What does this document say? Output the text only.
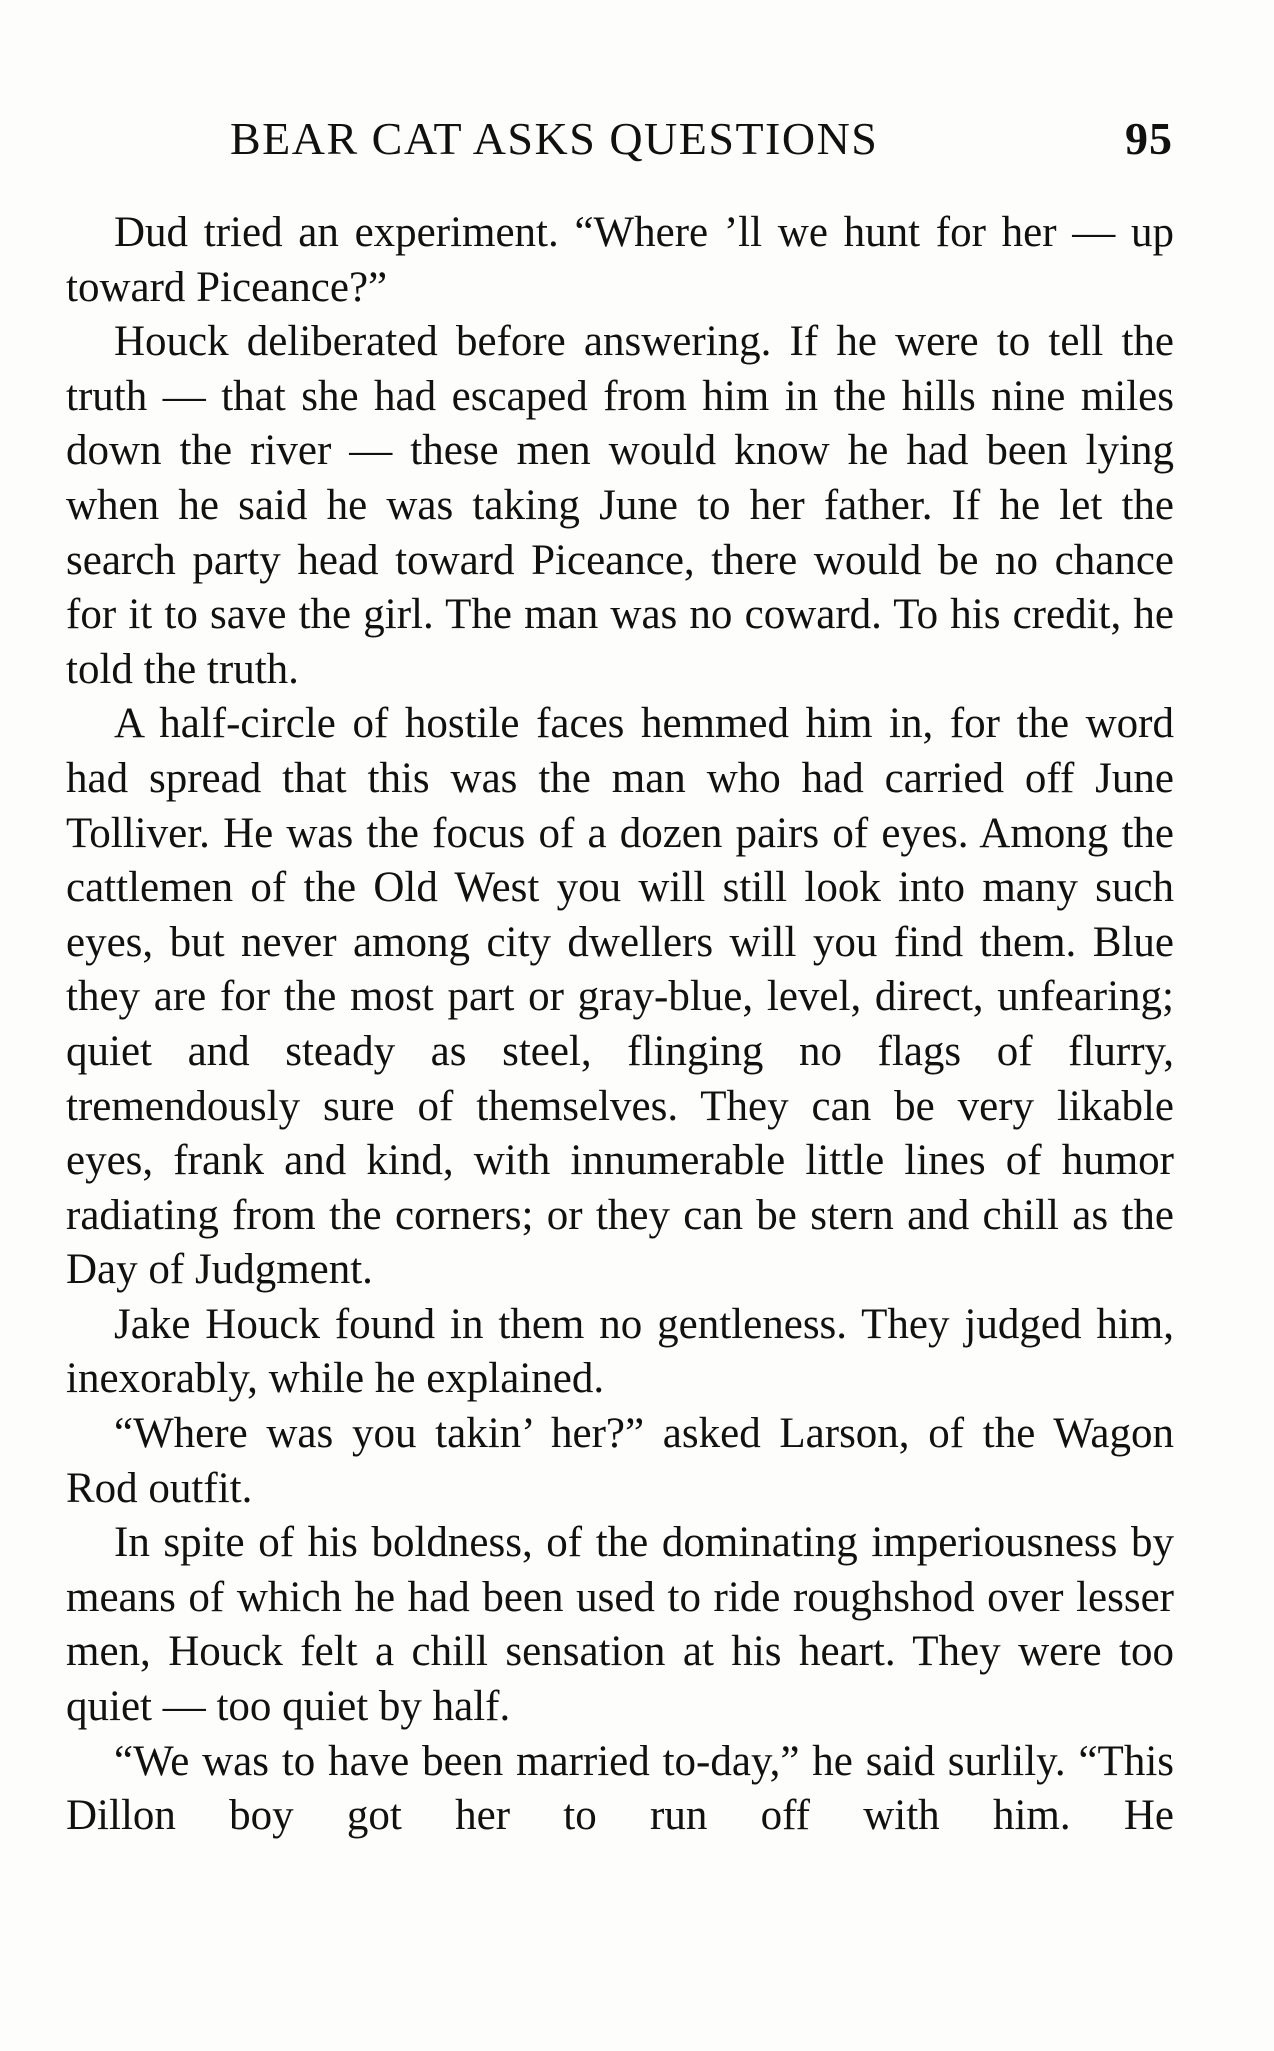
BEAR CAT ASKS QUESTIONS	95

Dud tried an experiment. “Where ’ll we hunt for her — up toward Piceance?”

Houck deliberated before answering. If he were to tell the truth — that she had escaped from him in the hills nine miles down the river — these men would know he had been lying when he said he was taking June to her father. If he let the search party head toward Piceance, there would be no chance for it to save the girl. The man was no coward. To his credit, he told the truth.

A half-circle of hostile faces hemmed him in, for the word had spread that this was the man who had carried off June Tolliver. He was the focus of a dozen pairs of eyes. Among the cattlemen of the Old West you will still look into many such eyes, but never among city dwellers will you find them. Blue they are for the most part or gray-blue, level, direct, unfearing; quiet and steady as steel, flinging no flags of flurry, tremendously sure of themselves. They can be very likable eyes, frank and kind, with innumerable little lines of humor radiating from the corners; or they can be stern and chill as the Day of Judgment.

Jake Houck found in them no gentleness. They judged him, inexorably, while he explained.

“Where was you takin’ her?” asked Larson, of the Wagon Rod outfit.

In spite of his boldness, of the dominating imperiousness by means of which he had been used to ride roughshod over lesser men, Houck felt a chill sensation at his heart. They were too quiet — too quiet by half.

“We was to have been married to-day,” he said surlily. “This Dillon boy got her to run off with him. He
